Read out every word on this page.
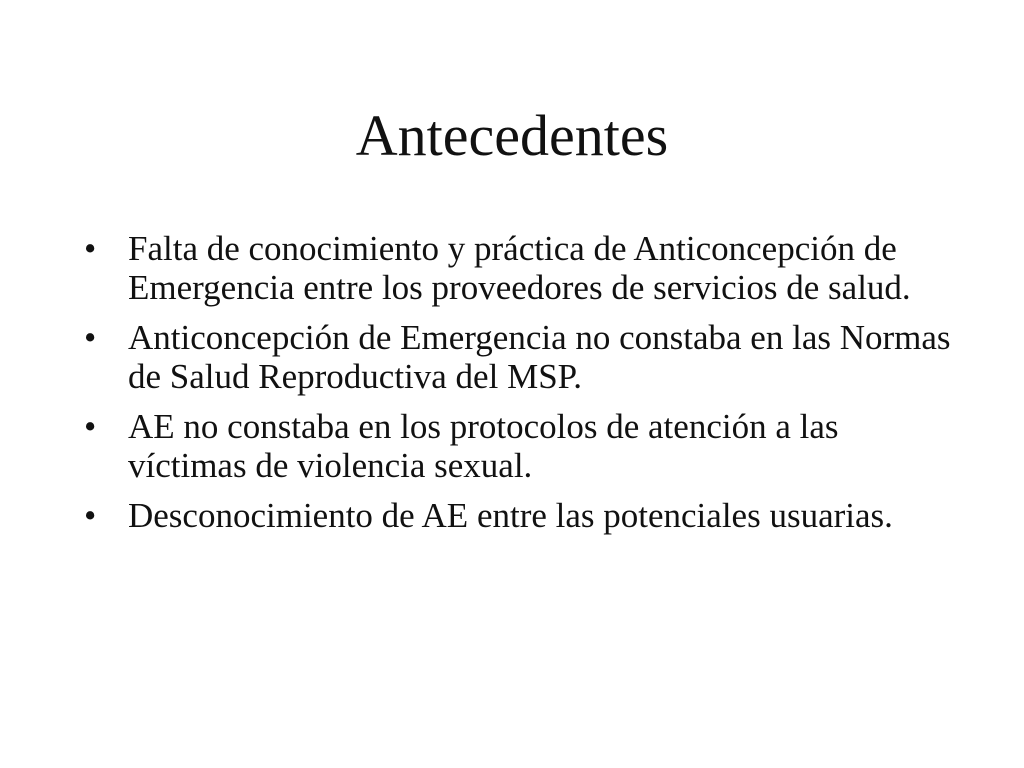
Antecedentes
• Falta de conocimiento y práctica de Anticoncepción de Emergencia entre los proveedores de servicios de salud.
• Anticoncepción de Emergencia no constaba en las Normas de Salud Reproductiva del MSP.
• AE no constaba en los protocolos de atención a las víctimas de violencia sexual.
• Desconocimiento de AE entre las potenciales usuarias.
